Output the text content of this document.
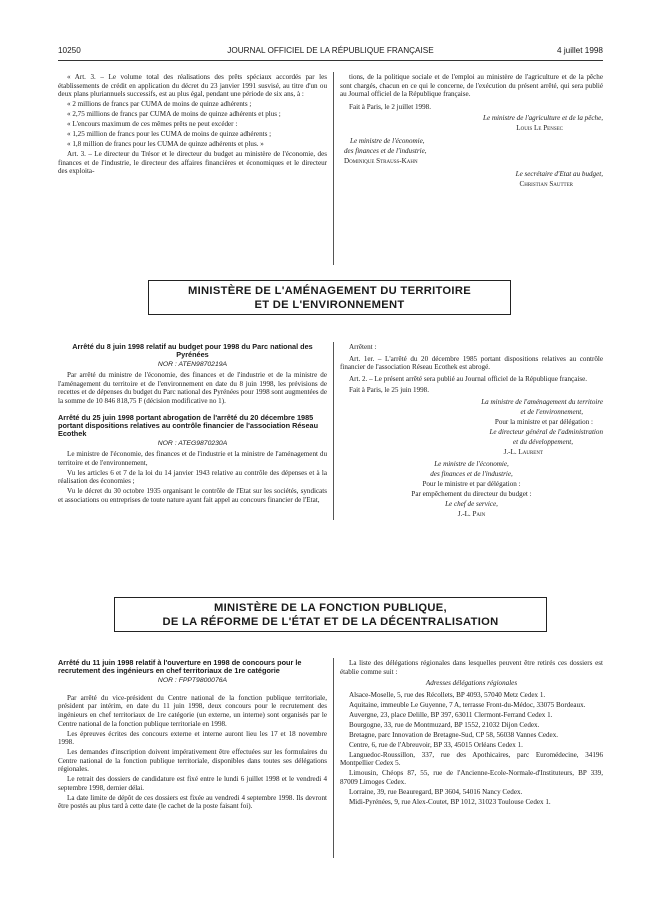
10250	JOURNAL OFFICIEL DE LA RÉPUBLIQUE FRANÇAISE	4 juillet 1998

« Art. 3. – Le volume total des réalisations des prêts spéciaux accordés par les établissements de crédit en application du décret du 23 janvier 1991 susvisé, au titre d'un ou deux plans pluriannuels successifs, est au plus égal, pendant une période de six ans, à :

« 2 millions de francs par CUMA de moins de quinze adhérents ;

« 2,75 millions de francs par CUMA de moins de quinze adhérents et plus ;

« L'encours maximum de ces mêmes prêts ne peut excéder :

« 1,25 million de francs pour les CUMA de moins de quinze adhérents ;

« 1,8 million de francs pour les CUMA de quinze adhérents et plus. »

Art. 3. – Le directeur du Trésor et le directeur du budget au ministère de l'économie, des finances et de l'industrie, le directeur des affaires financières et économiques et le directeur des exploita-

tions, de la politique sociale et de l'emploi au ministère de l'agriculture et de la pêche sont chargés, chacun en ce qui le concerne, de l'exécution du présent arrêté, qui sera publié au Journal officiel de la République française.

Fait à Paris, le 2 juillet 1998.

Le ministre de l'agriculture et de la pêche,

Louis Le Pensec

Le ministre de l'économie,

des finances et de l'industrie,

Dominique Strauss-Kahn

Le secrétaire d'Etat au budget,

Christian Sautter

MINISTÈRE DE L'AMÉNAGEMENT DU TERRITOIRE
ET DE L'ENVIRONNEMENT

Arrêté du 8 juin 1998 relatif au budget pour 1998 du Parc national des Pyrénées

NOR : ATEN9870219A

Par arrêté du ministre de l'économie, des finances et de l'industrie et de la ministre de l'aménagement du territoire et de l'environnement en date du 8 juin 1998, les prévisions de recettes et de dépenses du budget du Parc national des Pyrénées pour 1998 sont augmentées de la somme de 10 846 818,75 F (décision modificative no 1).

Arrêté du 25 juin 1998 portant abrogation de l'arrêté du 20 décembre 1985 portant dispositions relatives au contrôle financier de l'association Réseau Ecothek

NOR : ATEG9870230A

Le ministre de l'économie, des finances et de l'industrie et la ministre de l'aménagement du territoire et de l'environnement,

Vu les articles 6 et 7 de la loi du 14 janvier 1943 relative au contrôle des dépenses et à la réalisation des économies ;

Vu le décret du 30 octobre 1935 organisant le contrôle de l'Etat sur les sociétés, syndicats et associations ou entreprises de toute nature ayant fait appel au concours financier de l'Etat,

Arrêtent :

Art. 1er. – L'arrêté du 20 décembre 1985 portant dispositions relatives au contrôle financier de l'association Réseau Ecothek est abrogé.

Art. 2. – Le présent arrêté sera publié au Journal officiel de la République française.

Fait à Paris, le 25 juin 1998.

La ministre de l'aménagement du territoire

et de l'environnement,

Pour la ministre et par délégation :

Le directeur général de l'administration

et du développement,

J.-L. Laurent

Le ministre de l'économie,

des finances et de l'industrie,

Pour le ministre et par délégation :

Par empêchement du directeur du budget :

Le chef de service,

J.-L. Pain

MINISTÈRE DE LA FONCTION PUBLIQUE,
DE LA RÉFORME DE L'ÉTAT ET DE LA DÉCENTRALISATION

Arrêté du 11 juin 1998 relatif à l'ouverture en 1998 de concours pour le recrutement des ingénieurs en chef territoriaux de 1re catégorie

NOR : FPPT9800076A

Par arrêté du vice-président du Centre national de la fonction publique territoriale, président par intérim, en date du 11 juin 1998, deux concours pour le recrutement des ingénieurs en chef territoriaux de 1re catégorie (un externe, un interne) sont organisés par le Centre national de la fonction publique territoriale en 1998.

Les épreuves écrites des concours externe et interne auront lieu les 17 et 18 novembre 1998.

Les demandes d'inscription doivent impérativement être effectuées sur les formulaires du Centre national de la fonction publique territoriale, disponibles dans toutes ses délégations régionales.

Le retrait des dossiers de candidature est fixé entre le lundi 6 juillet 1998 et le vendredi 4 septembre 1998, dernier délai.

La date limite de dépôt de ces dossiers est fixée au vendredi 4 septembre 1998. Ils devront être postés au plus tard à cette date (le cachet de la poste faisant foi).

La liste des délégations régionales dans lesquelles peuvent être retirés ces dossiers est établie comme suit :

Adresses délégations régionales

Alsace-Moselle, 5, rue des Récollets, BP 4093, 57040 Metz Cedex 1.

Aquitaine, immeuble Le Guyenne, 7 A, terrasse Front-du-Médoc, 33075 Bordeaux.

Auvergne, 23, place Delille, BP 397, 63011 Clermont-Ferrand Cedex 1.

Bourgogne, 33, rue de Montmuzard, BP 1552, 21032 Dijon Cedex.

Bretagne, parc Innovation de Bretagne-Sud, CP 58, 56038 Vannes Cedex.

Centre, 6, rue de l'Abreuvoir, BP 33, 45015 Orléans Cedex 1.

Languedoc-Roussillon, 337, rue des Apothicaires, parc Euromédecine, 34196 Montpellier Cedex 5.

Limousin, Chéops 87, 55, rue de l'Ancienne-Ecole-Normale-d'Instituteurs, BP 339, 87009 Limoges Cedex.

Lorraine, 39, rue Beauregard, BP 3604, 54016 Nancy Cedex.

Midi-Pyrénées, 9, rue Alex-Coutet, BP 1012, 31023 Toulouse Cedex 1.
